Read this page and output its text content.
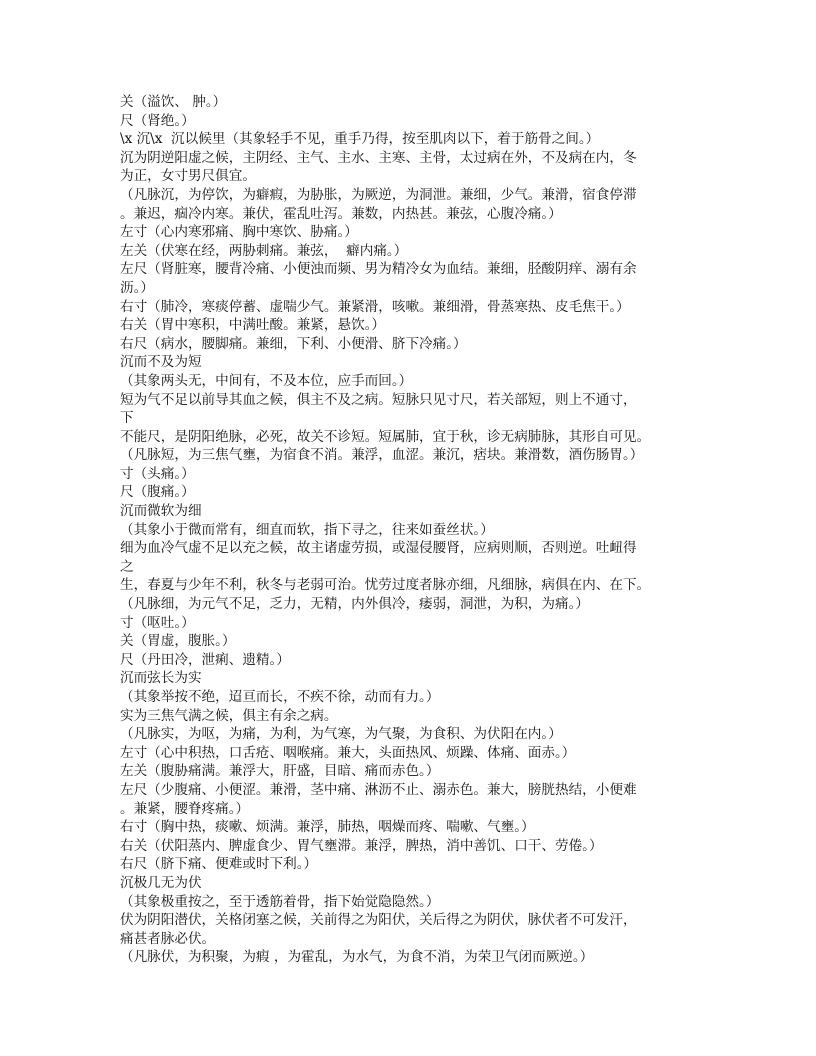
关（溢饮、 肿。）
尺（肾绝。）
\x 沉\x  沉以候里（其象轻手不见，重手乃得，按至肌肉以下，着于筋骨之间。）
沉为阴逆阳虚之候，主阴经、主气、主水、主寒、主骨，太过病在外，不及病在内，冬
为正，女寸男尺俱宜。
（凡脉沉，为停饮，为癖瘕，为胁胀，为厥逆，为洞泄。兼细，少气。兼滑，宿食停滞
。兼迟，痼冷内寒。兼伏，霍乱吐泻。兼数，内热甚。兼弦，心腹冷痛。）
左寸（心内寒邪痛、胸中寒饮、胁痛。）
左关（伏寒在经，两胁刺痛。兼弦，  癖内痛。）
左尺（肾脏寒，腰背冷痛、小便浊而频、男为精冷女为血结。兼细，胫酸阴痒、溺有余
沥。）
右寸（肺冷，寒痰停蓄、虚喘少气。兼紧滑，咳嗽。兼细滑，骨蒸寒热、皮毛焦干。）
右关（胃中寒积，中满吐酸。兼紧，悬饮。）
右尺（病水，腰脚痛。兼细，下利、小便滑、脐下冷痛。）
沉而不及为短
（其象两头无，中间有，不及本位，应手而回。）
短为气不足以前导其血之候，俱主不及之病。短脉只见寸尺，若关部短，则上不通寸，
下
不能尺，是阴阳绝脉，必死，故关不诊短。短属肺，宜于秋，诊无病肺脉，其形自可见。
（凡脉短，为三焦气壅，为宿食不消。兼浮，血涩。兼沉，痞块。兼滑数，酒伤肠胃。）
寸（头痛。）
尺（腹痛。）
沉而微软为细
（其象小于微而常有，细直而软，指下寻之，往来如蚕丝状。）
细为血冷气虚不足以充之候，故主诸虚劳损，或湿侵腰肾，应病则顺，否则逆。吐衄得
之
生，春夏与少年不利，秋冬与老弱可治。忧劳过度者脉亦细，凡细脉，病俱在内、在下。
（凡脉细，为元气不足，乏力，无精，内外俱冷，痿弱，洞泄，为积，为痛。）
寸（呕吐。）
关（胃虚，腹胀。）
尺（丹田冷，泄痢、遗精。）
沉而弦长为实
（其象举按不绝，迢亘而长，不疾不徐，动而有力。）
实为三焦气满之候，俱主有余之病。
（凡脉实，为呕，为痛，为利，为气寒，为气聚，为食积、为伏阳在内。）
左寸（心中积热，口舌疮、咽喉痛。兼大，头面热风、烦躁、体痛、面赤。）
左关（腹胁痛满。兼浮大，肝盛，目暗、痛而赤色。）
左尺（少腹痛、小便涩。兼滑，茎中痛、淋沥不止、溺赤色。兼大，膀胱热结，小便难
。兼紧，腰脊疼痛。）
右寸（胸中热，痰嗽、烦满。兼浮，肺热，咽燥而疼、喘嗽、气壅。）
右关（伏阳蒸内、脾虚食少、胃气壅滞。兼浮，脾热，消中善饥、口干、劳倦。）
右尺（脐下痛、便难或时下利。）
沉极几无为伏
（其象极重按之，至于透筋着骨，指下始觉隐隐然。）
伏为阴阳潜伏，关格闭塞之候，关前得之为阳伏，关后得之为阴伏，脉伏者不可发汗，
痛甚者脉必伏。
（凡脉伏，为积聚，为瘕 ，为霍乱，为水气，为食不消，为荣卫气闭而厥逆。）
